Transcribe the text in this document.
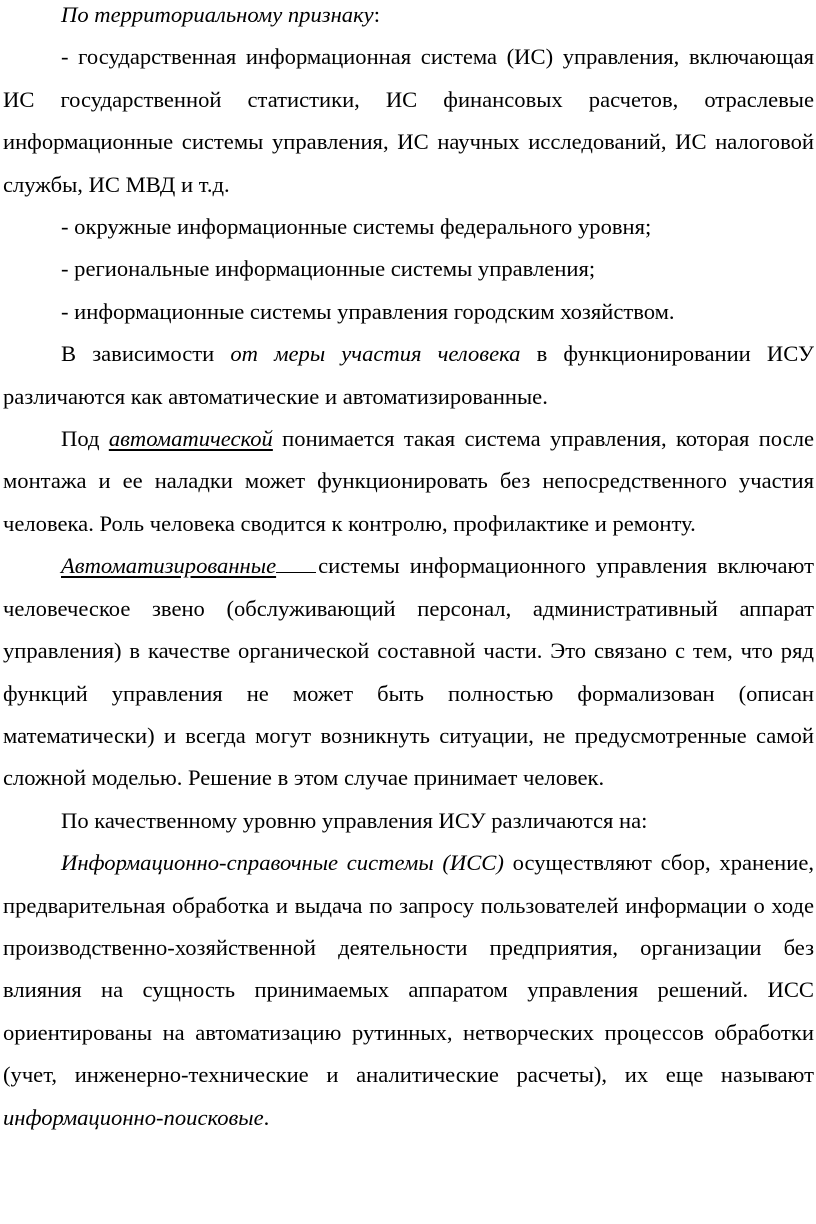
По территориальному признаку:

- государственная информационная система (ИС) управления, включающая ИС государственной статистики, ИС финансовых расчетов, отраслевые информационные системы управления, ИС научных исследований, ИС налоговой службы, ИС МВД и т.д.

- окружные информационные системы федерального уровня;

- региональные информационные системы управления;

- информационные системы управления городским хозяйством.

В зависимости от меры участия человека в функционировании ИСУ различаются как автоматические и автоматизированные.

Под автоматической понимается такая система управления, которая после монтажа и ее наладки может функционировать без непосредственного участия человека. Роль человека сводится к контролю, профилактике и ремонту.

Автоматизированные системы информационного управления включают человеческое звено (обслуживающий персонал, административный аппарат управления) в качестве органической составной части. Это связано с тем, что ряд функций управления не может быть полностью формализован (описан математически) и всегда могут возникнуть ситуации, не предусмотренные самой сложной моделью. Решение в этом случае принимает человек.

По качественному уровню управления ИСУ различаются на:

Информационно-справочные системы (ИСС) осуществляют сбор, хранение, предварительная обработка и выдача по запросу пользователей информации о ходе производственно-хозяйственной деятельности предприятия, организации без влияния на сущность принимаемых аппаратом управления решений. ИСС ориентированы на автоматизацию рутинных, нетворческих процессов обработки (учет, инженерно-технические и аналитические расчеты), их еще называют информационно-поисковые.
